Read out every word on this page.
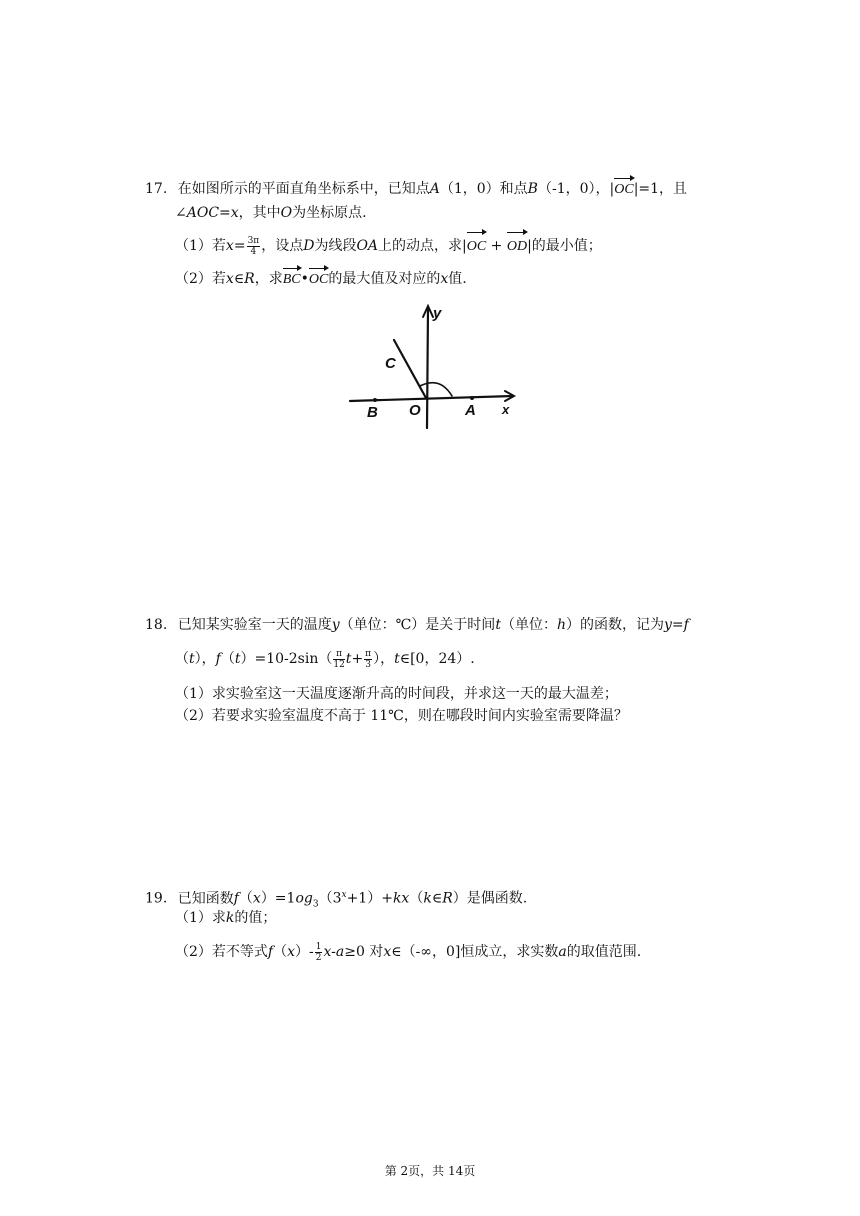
17. 在如图所示的平面直角坐标系中，已知点A（1，0）和点B（-1，0），|OC|=1，且
∠AOC=x，其中O为坐标原点.
（1）若$x= \frac{3\pi}{4}$ ，设点D为线段OA上的动点，求|OC + OD|的最小值；
（2）若x∈R，求BC•OC的最大值及对应的x值.
y
x
C
O
B	A
18. 已知某实验室一天的温度y（单位：℃）是关于时间t（单位：h）的函数，记为y=f
（t），$f(t)=10-2\sin( \frac{\pi}{12} t+ \frac{\pi}{3}$ ），t∈[0，24）.
（1）求实验室这一天温度逐渐升高的时间段，并求这一天的最大温差；
（2）若要求实验室温度不高于 11℃，则在哪段时间内实验室需要降温？
19. 已知函数$f(x)=1og_3(3^x+1)+kx(k\in R)$是偶函数.
（1）求k的值；
（2）若不等式$f(x)- \frac{1}{2} x-a\ge 0$ 对x∈（-∞，0]恒成立，求实数a的取值范围.
第 2页，共 14页
